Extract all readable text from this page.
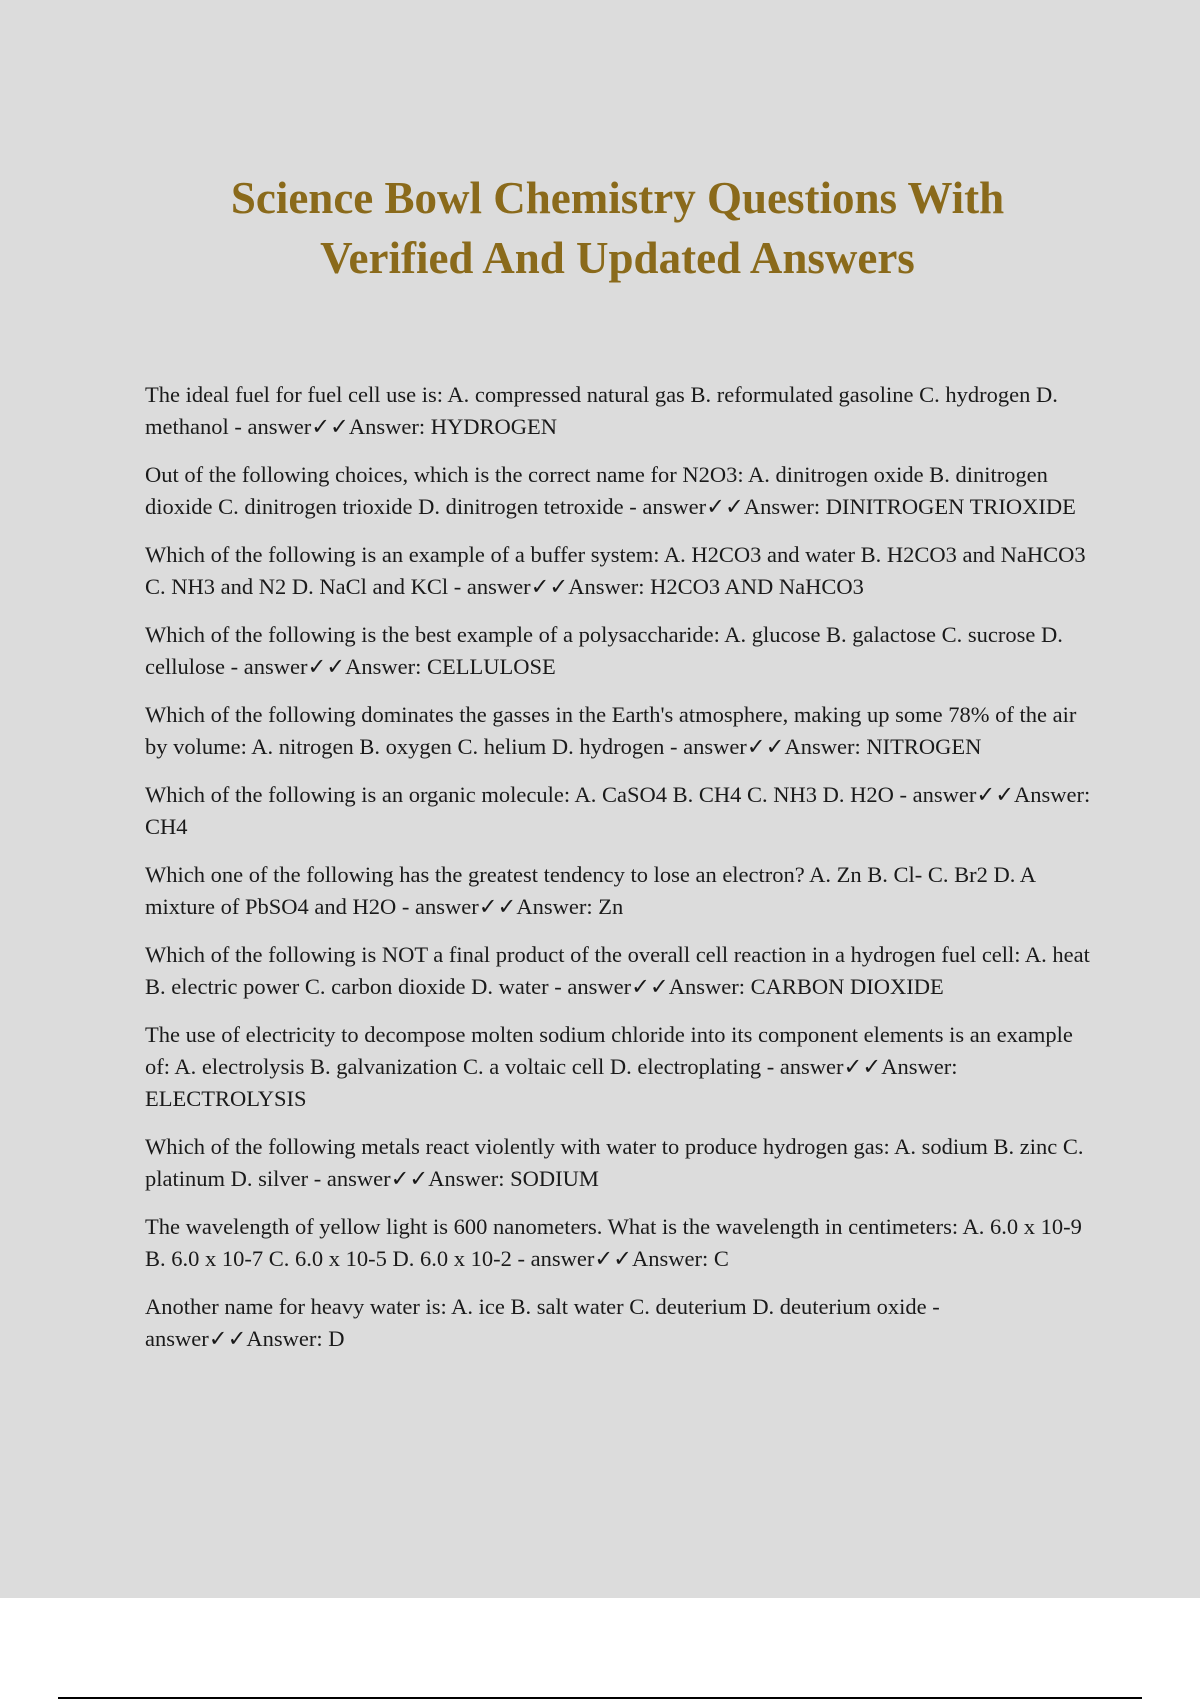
Science Bowl Chemistry Questions With
Verified And Updated Answers
The ideal fuel for fuel cell use is: A. compressed natural gas B. reformulated gasoline C. hydrogen D. methanol - answer✓✓Answer: HYDROGEN
Out of the following choices, which is the correct name for N2O3: A. dinitrogen oxide B. dinitrogen dioxide C. dinitrogen trioxide D. dinitrogen tetroxide - answer✓✓Answer: DINITROGEN TRIOXIDE
Which of the following is an example of a buffer system: A. H2CO3 and water B. H2CO3 and NaHCO3 C. NH3 and N2 D. NaCl and KCl - answer✓✓Answer: H2CO3 AND NaHCO3
Which of the following is the best example of a polysaccharide: A. glucose B. galactose C. sucrose D. cellulose - answer✓✓Answer: CELLULOSE
Which of the following dominates the gasses in the Earth's atmosphere, making up some 78% of the air by volume: A. nitrogen B. oxygen C. helium D. hydrogen - answer✓✓Answer: NITROGEN
Which of the following is an organic molecule: A. CaSO4 B. CH4 C. NH3 D. H2O - answer✓✓Answer: CH4
Which one of the following has the greatest tendency to lose an electron? A. Zn B. Cl- C. Br2 D. A mixture of PbSO4 and H2O - answer✓✓Answer: Zn
Which of the following is NOT a final product of the overall cell reaction in a hydrogen fuel cell: A. heat B. electric power C. carbon dioxide D. water - answer✓✓Answer: CARBON DIOXIDE
The use of electricity to decompose molten sodium chloride into its component elements is an example of: A. electrolysis B. galvanization C. a voltaic cell D. electroplating - answer✓✓Answer: ELECTROLYSIS
Which of the following metals react violently with water to produce hydrogen gas: A. sodium B. zinc C. platinum D. silver - answer✓✓Answer: SODIUM
The wavelength of yellow light is 600 nanometers. What is the wavelength in centimeters: A. 6.0 x 10-9 B. 6.0 x 10-7 C. 6.0 x 10-5 D. 6.0 x 10-2 - answer✓✓Answer: C
Another name for heavy water is: A. ice B. salt water C. deuterium D. deuterium oxide - answer✓✓Answer: D
